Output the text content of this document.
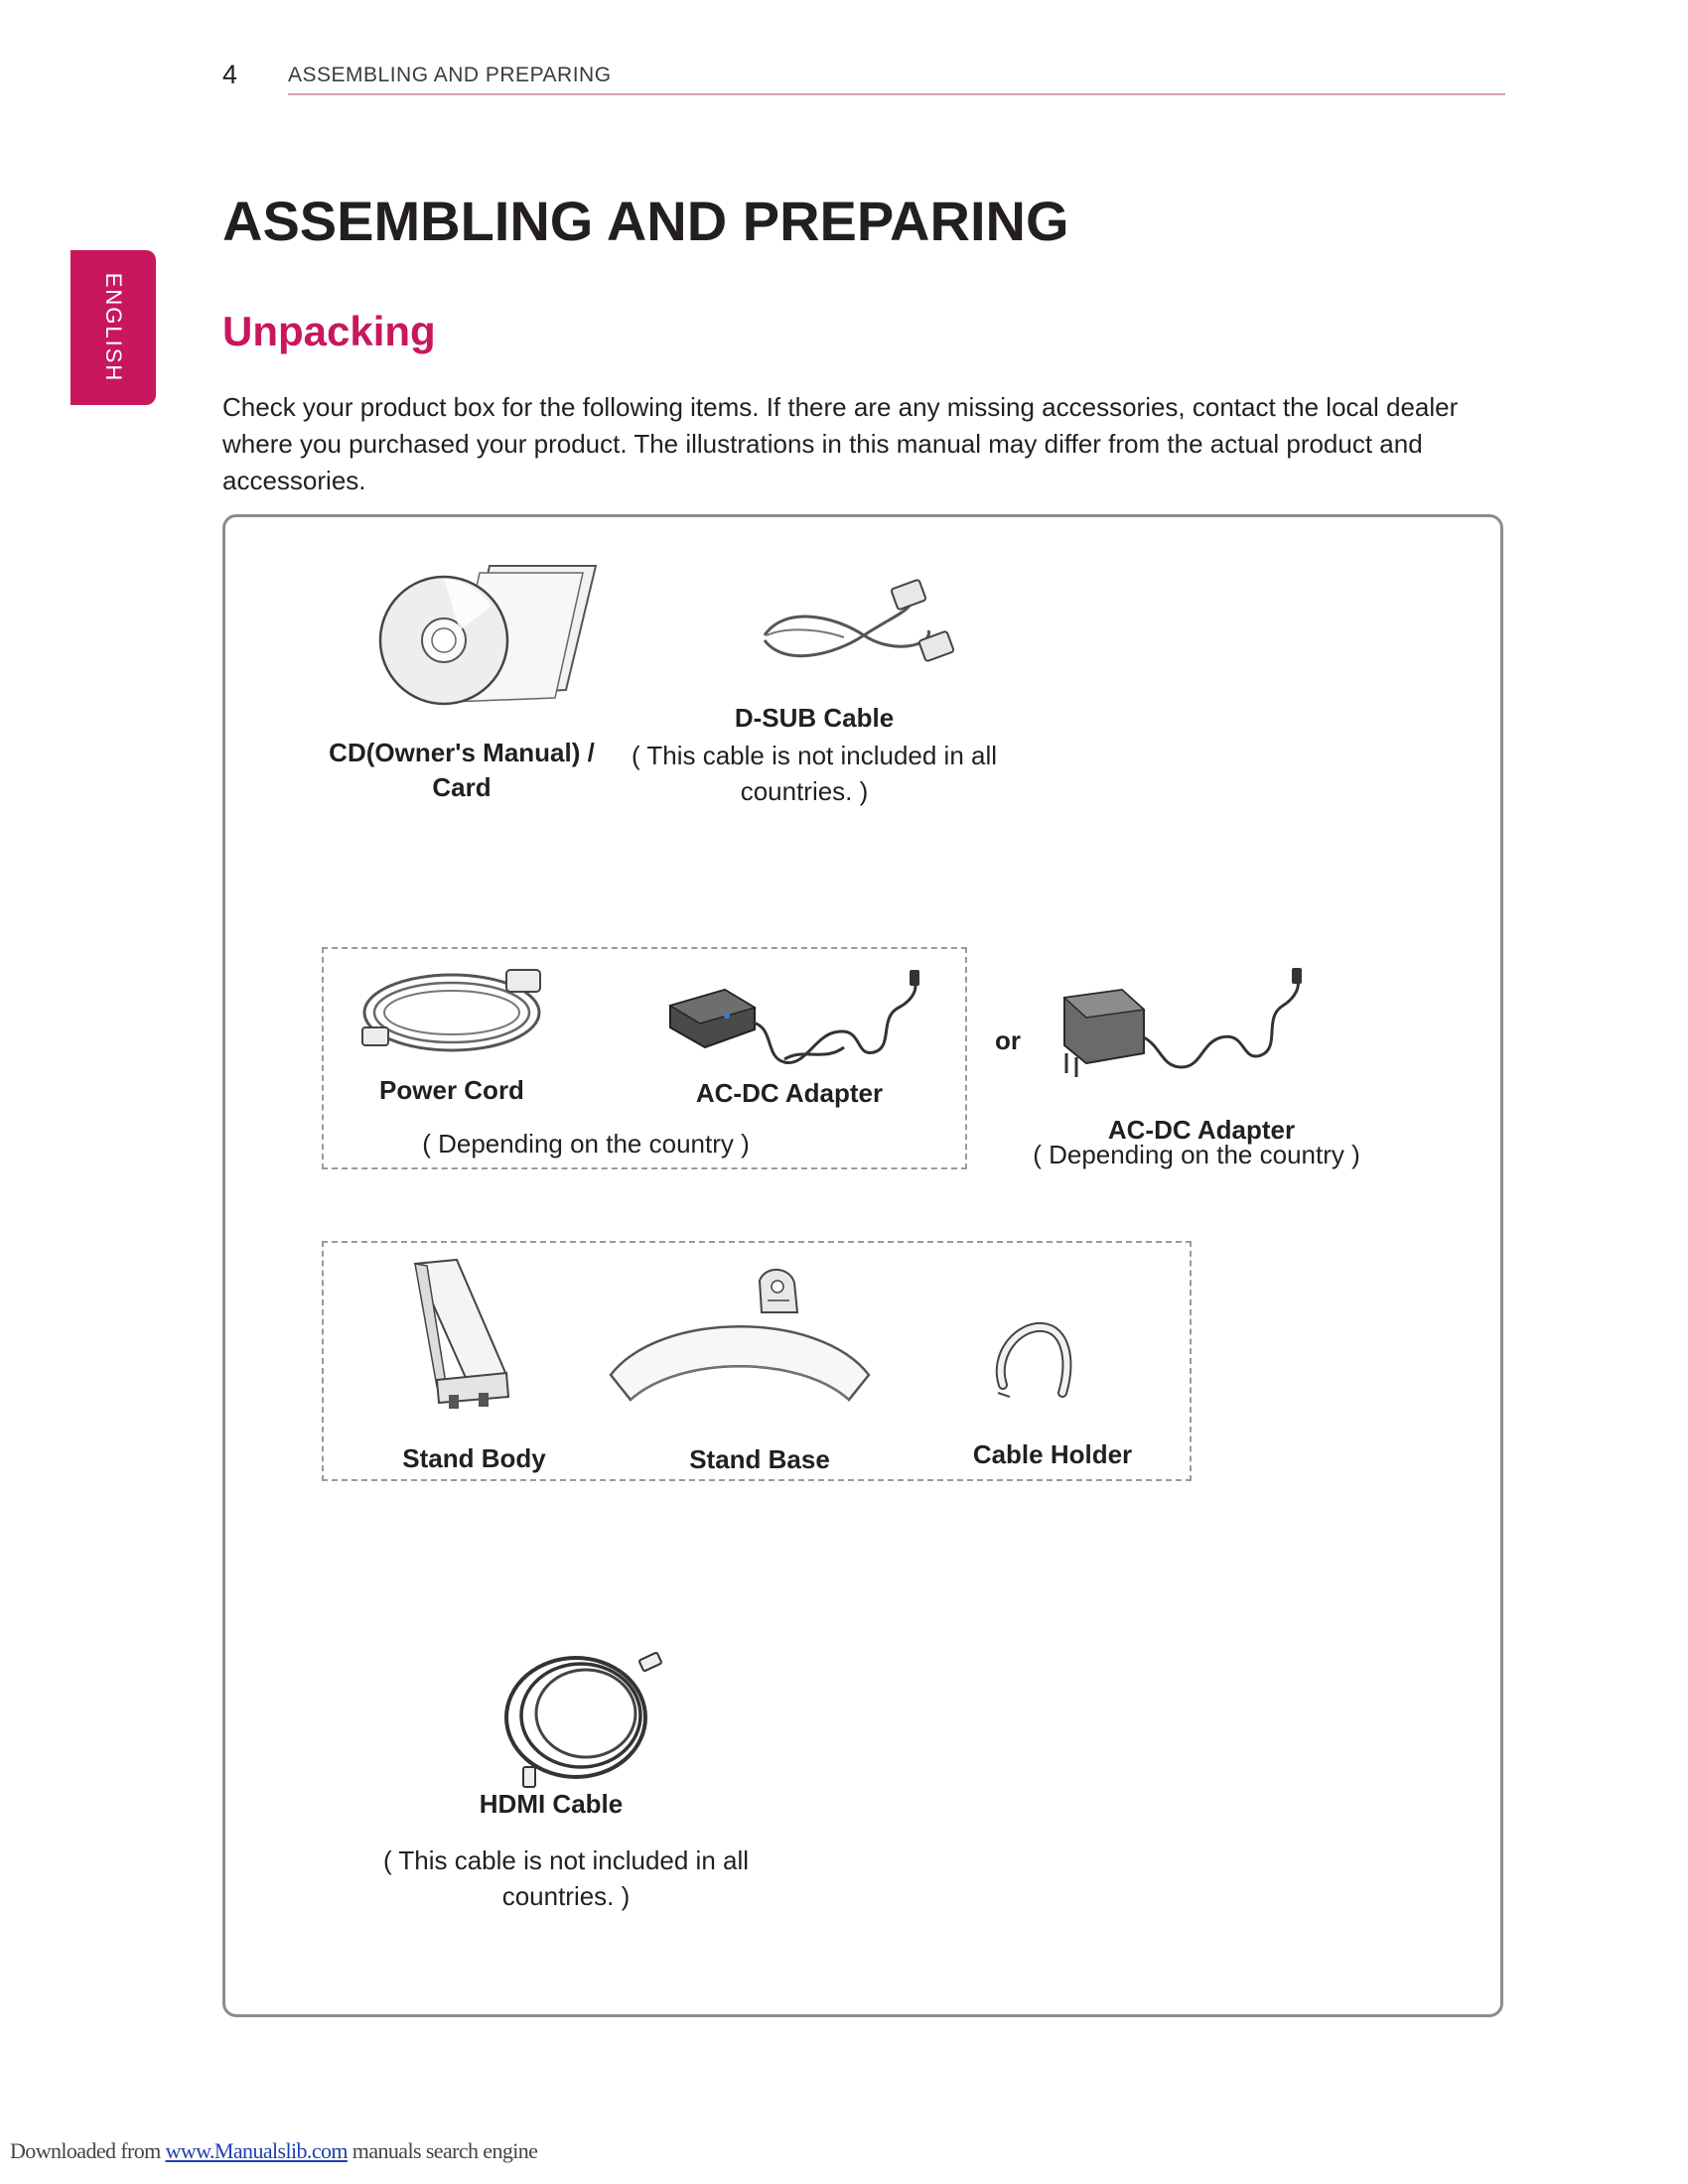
4 ASSEMBLING AND PREPARING
ENGLISH
ASSEMBLING AND PREPARING
Unpacking

Check your product box for the following items. If there are any missing accessories, contact the local dealer where you purchased your product. The illustrations in this manual may differ from the actual product and accessories.

CD(Owner's Manual) /
Card
D-SUB Cable
( This cable is not included in all
countries. )
Power Cord	AC-DC Adapter
( Depending on the country )
or
AC-DC Adapter
( Depending on the country )
Stand Body	Stand Base	Cable Holder
HDMI Cable
( This cable is not included in all
countries. )
Downloaded from www.Manualslib.com manuals search engine
